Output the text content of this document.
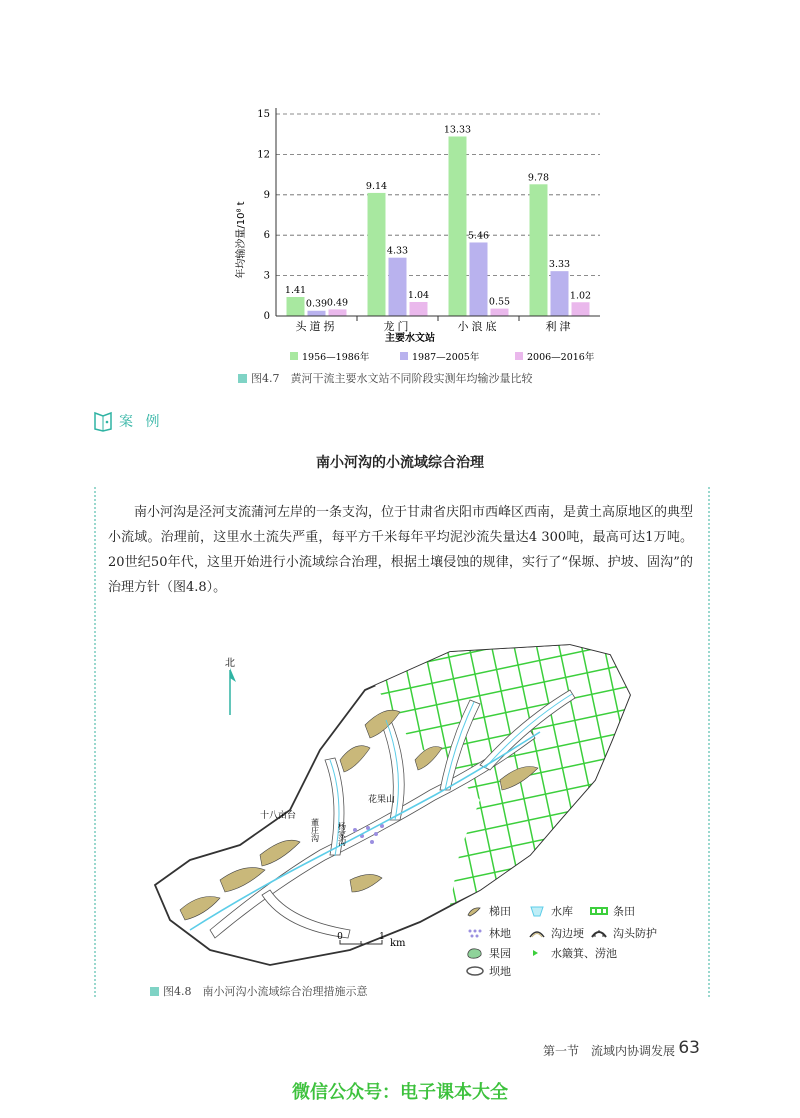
0
3
6
9
12
15
头道拐
1.41
0.39 0.49
龙门
9.14
4.33
1.04
小浪底
13.33
5.46
0.55
利津
9.78
3.33
1.02
年均输沙量/10⁸ t
主要水文站
1956—1986年	1987—2005年	2006—2016年
图4.7　 黄河干流主要水文站不同阶段实测年均输沙量比较
案 例
南小河沟的小流域综合治理
南小河沟是泾河支流蒲河左岸的一条支沟，位于甘肃省庆阳市西峰区西南，是黄土高原地区的典型小流域。治理前，这里水土流失严重，每平方千米每年平均泥沙流失量达4 300吨，最高可达1万吨。20世纪50年代，这里开始进行小流域综合治理，根据土壤侵蚀的规律，实行了“保塬、护坡、固沟”的治理方针（图4.8）。
北
十八亩台
花果山
杨家沟
董庄沟
0	1
km
梯田	水库	条田
林地	沟边埂	沟头防护
果园	水簸箕、涝池
坝地
图4.8　 南小河沟小流域综合治理措施示意
第一节　流域内协调发展 63
微信公众号：电子课本大全
